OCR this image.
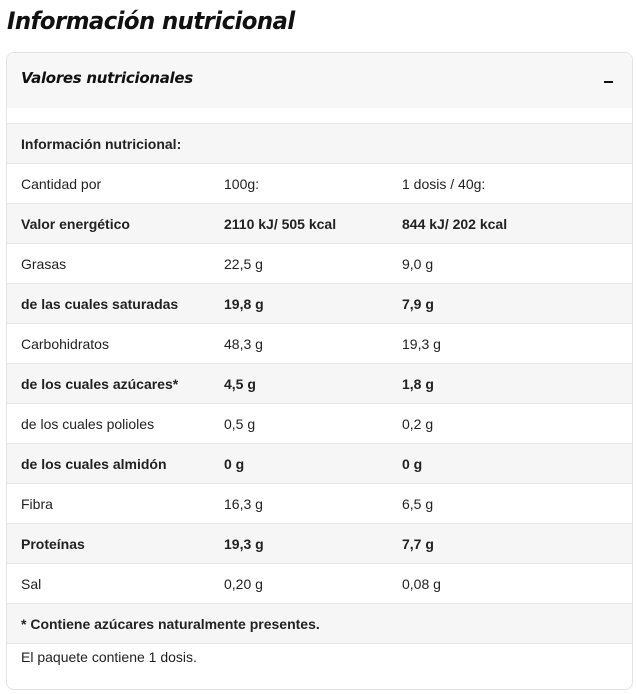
Información nutricional
Valores nutricionales
Información nutricional:
Cantidad por	100g:	1 dosis / 40g:
Valor energético	2110 kJ/ 505 kcal	844 kJ/ 202 kcal
Grasas	22,5 g	9,0 g
de las cuales saturadas	19,8 g	7,9 g
Carbohidratos	48,3 g	19,3 g
de los cuales azúcares*	4,5 g	1,8 g
de los cuales polioles	0,5 g	0,2 g
de los cuales almidón	0 g	0 g
Fibra	16,3 g	6,5 g
Proteínas	19,3 g	7,7 g
Sal	0,20 g	0,08 g
* Contiene azúcares naturalmente presentes.
El paquete contiene 1 dosis.
